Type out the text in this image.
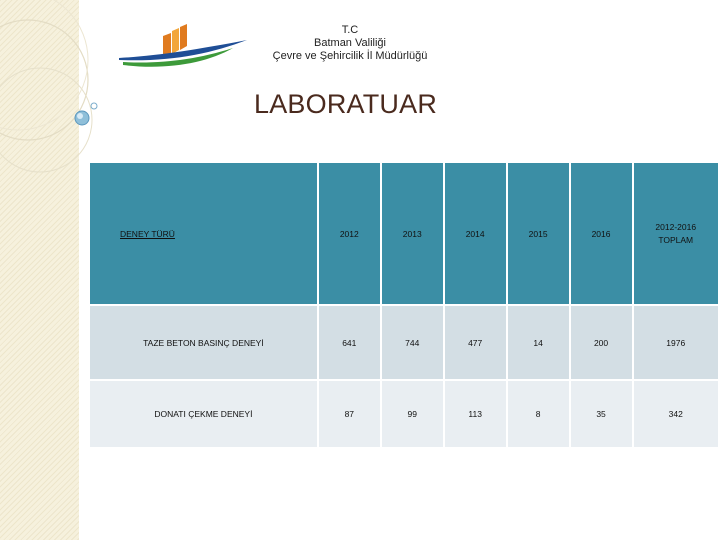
T.C
Batman Valiliği
Çevre ve Şehircilik İl Müdürlüğü
LABORATUAR
DENEY TÜRÜ	2012	2013	2014	2015	2016	2012-2016
TOPLAM
TAZE BETON BASINÇ DENEYİ	641	744	477	14	200	1976
DONATI ÇEKME DENEYİ	87	99	113	8	35	342
